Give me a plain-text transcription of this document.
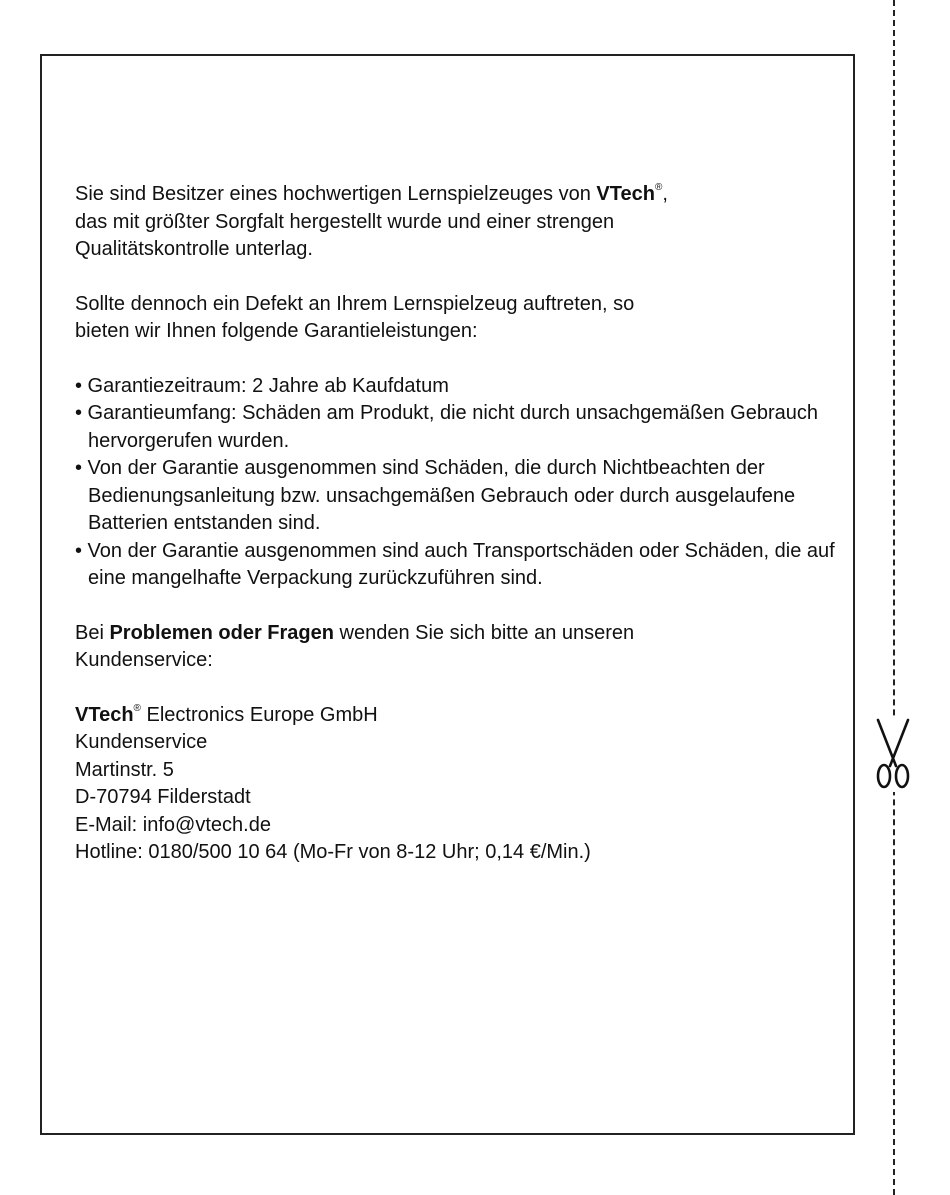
Sie sind Besitzer eines hochwertigen Lernspielzeuges von VTech®,

das mit größter Sorgfalt hergestellt wurde und einer strengen

Qualitätskontrolle unterlag.

Sollte dennoch ein Defekt an Ihrem Lernspielzeug auftreten, so

bieten wir Ihnen folgende Garantieleistungen:

• Garantiezeitraum: 2 Jahre ab Kaufdatum

• Garantieumfang: Schäden am Produkt, die nicht durch unsachgemäßen Gebrauch hervorgerufen wurden.

• Von der Garantie ausgenommen sind Schäden, die durch Nichtbeachten der Bedienungsanleitung bzw. unsachgemäßen Gebrauch oder durch ausgelaufene Batterien entstanden sind.

• Von der Garantie ausgenommen sind auch Transportschäden oder Schäden, die auf eine mangelhafte Verpackung zurückzuführen sind.

Bei Problemen oder Fragen wenden Sie sich bitte an unseren

Kundenservice:

VTech® Electronics Europe GmbH

Kundenservice

Martinstr. 5

D-70794 Filderstadt

E-Mail: info@vtech.de

Hotline: 0180/500 10 64 (Mo-Fr von 8-12 Uhr; 0,14 €/Min.)
